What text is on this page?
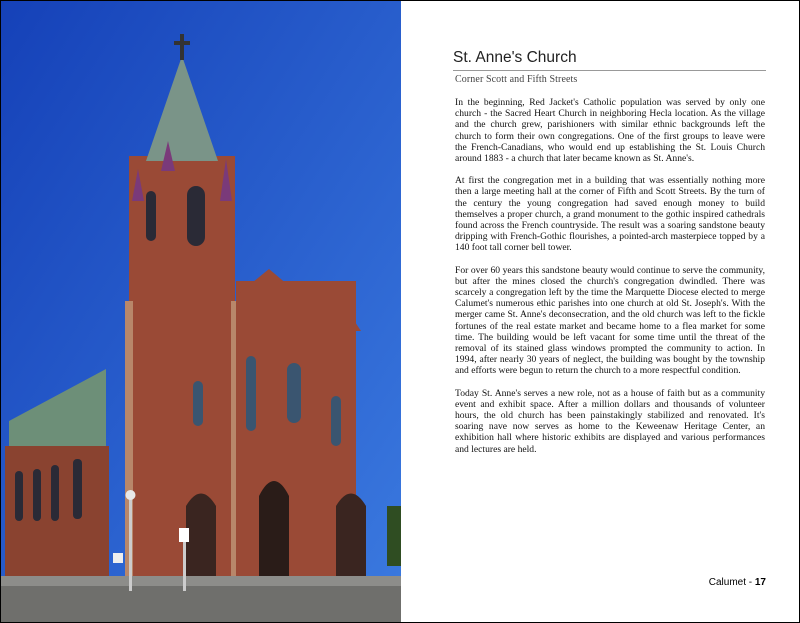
St. Anne's Church
Corner Scott and Fifth Streets

In the beginning, Red Jacket's Catholic population was served by only one church - the Sacred Heart Church in neighboring Hecla location. As the village and the church grew, parishioners with similar ethnic backgrounds left the church to form their own congregations. One of the first groups to leave were the French-Canadians, who would end up establishing the St. Louis Church around 1883 - a church that later became known as St. Anne's.

At first the congregation met in a building that was essentially nothing more then a large meeting hall at the corner of Fifth and Scott Streets. By the turn of the century the young congregation had saved enough money to build themselves a proper church, a grand monument to the gothic inspired cathedrals found across the French countryside. The result was a soaring sandstone beauty dripping with French-Gothic flourishes, a pointed-arch masterpiece topped by a 140 foot tall corner bell tower.

For over 60 years this sandstone beauty would continue to serve the community, but after the mines closed the church's congregation dwindled. There was scarcely a congregation left by the time the Marquette Diocese elected to merge Calumet's numerous ethic parishes into one church at old St. Joseph's. With the merger came St. Anne's deconsecration, and the old church was left to the fickle fortunes of the real estate market and became home to a flea market for some time. The building would be left vacant for some time until the threat of the removal of its stained glass windows prompted the community to action. In 1994, after nearly 30 years of neglect, the building was bought by the township and efforts were begun to return the church to a more respectful condition.

Today St. Anne's serves a new role, not as a house of faith but as a community event and exhibit space. After a million dollars and thousands of volunteer hours, the old church has been painstakingly stabilized and renovated. It's soaring nave now serves as home to the Keweenaw Heritage Center, an exhibition hall where historic exhibits are displayed and various performances and lectures are held.

Calumet - 17
